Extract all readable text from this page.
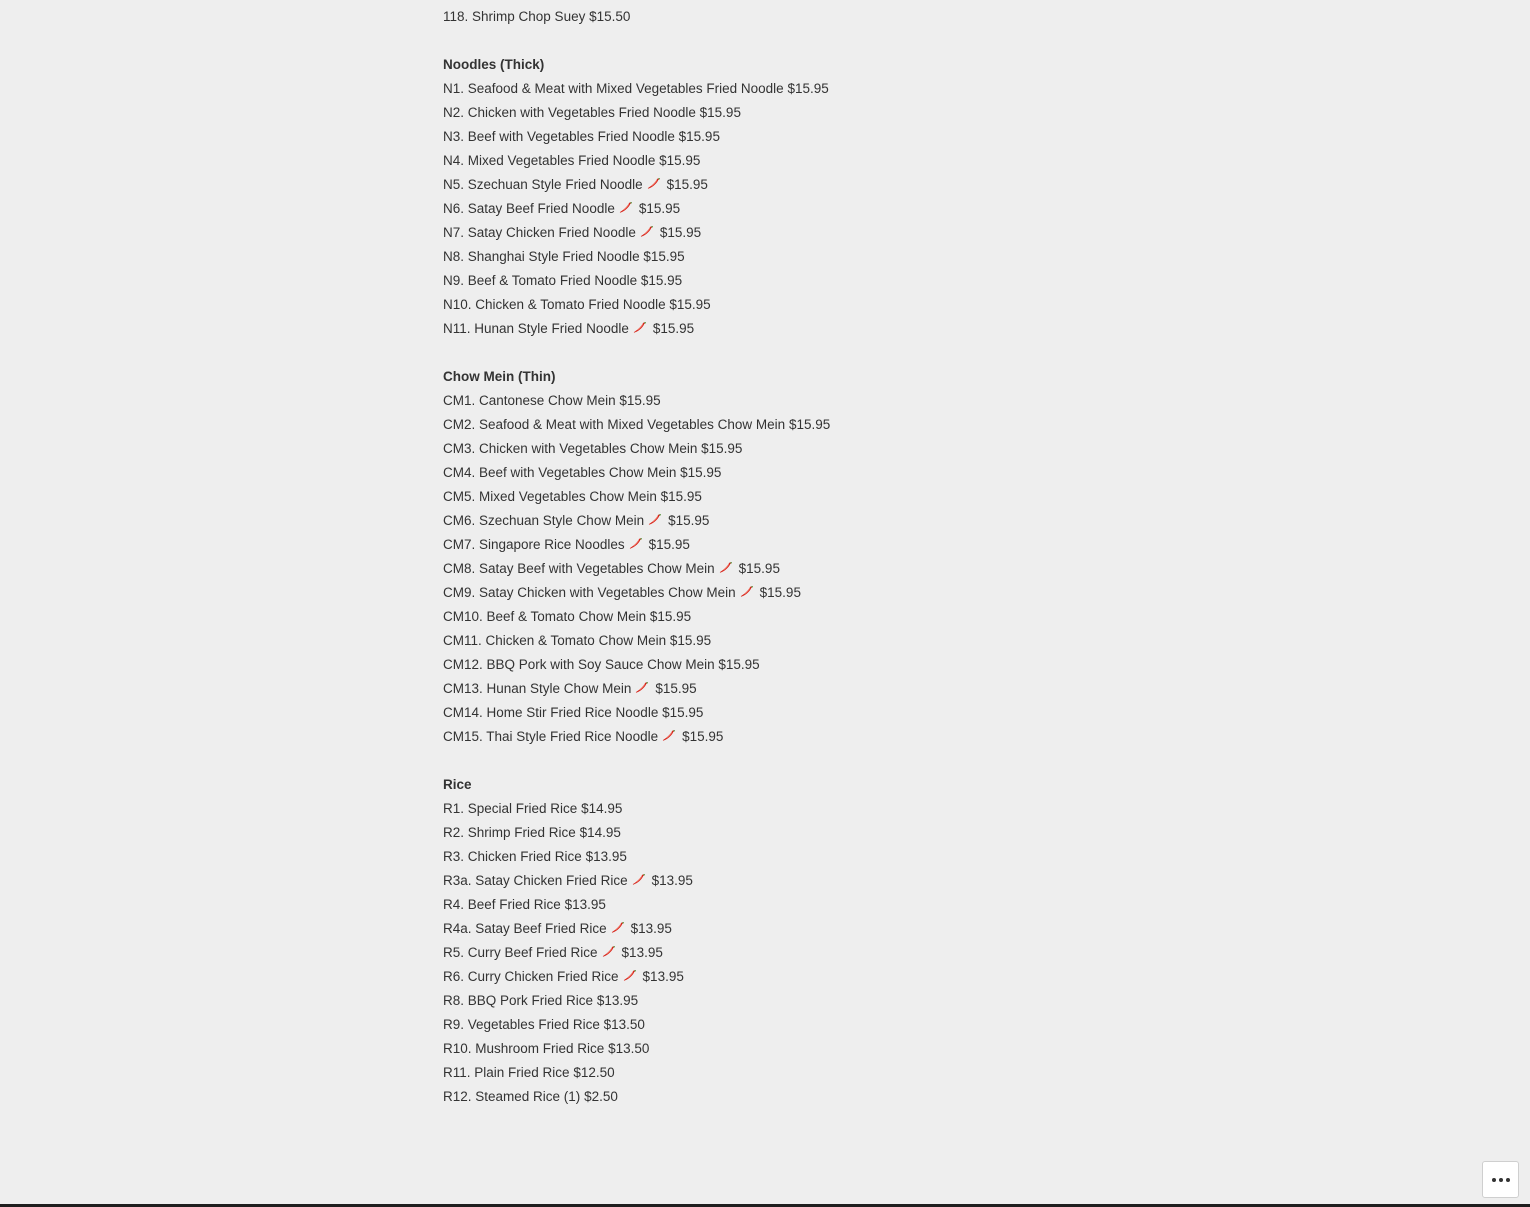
118. Shrimp Chop Suey $15.50
Noodles (Thick)
N1. Seafood & Meat with Mixed Vegetables Fried Noodle $15.95
N2. Chicken with Vegetables Fried Noodle $15.95
N3. Beef with Vegetables Fried Noodle $15.95
N4. Mixed Vegetables Fried Noodle $15.95
N5. Szechuan Style Fried Noodle $15.95
N6. Satay Beef Fried Noodle $15.95
N7. Satay Chicken Fried Noodle $15.95
N8. Shanghai Style Fried Noodle $15.95
N9. Beef & Tomato Fried Noodle $15.95
N10. Chicken & Tomato Fried Noodle $15.95
N11. Hunan Style Fried Noodle $15.95
Chow Mein (Thin)
CM1. Cantonese Chow Mein $15.95
CM2. Seafood & Meat with Mixed Vegetables Chow Mein $15.95
CM3. Chicken with Vegetables Chow Mein $15.95
CM4. Beef with Vegetables Chow Mein $15.95
CM5. Mixed Vegetables Chow Mein $15.95
CM6. Szechuan Style Chow Mein $15.95
CM7. Singapore Rice Noodles $15.95
CM8. Satay Beef with Vegetables Chow Mein $15.95
CM9. Satay Chicken with Vegetables Chow Mein $15.95
CM10. Beef & Tomato Chow Mein $15.95
CM11. Chicken & Tomato Chow Mein $15.95
CM12. BBQ Pork with Soy Sauce Chow Mein $15.95
CM13. Hunan Style Chow Mein $15.95
CM14. Home Stir Fried Rice Noodle $15.95
CM15. Thai Style Fried Rice Noodle $15.95
Rice
R1. Special Fried Rice $14.95
R2. Shrimp Fried Rice $14.95
R3. Chicken Fried Rice $13.95
R3a. Satay Chicken Fried Rice $13.95
R4. Beef Fried Rice $13.95
R4a. Satay Beef Fried Rice $13.95
R5. Curry Beef Fried Rice $13.95
R6. Curry Chicken Fried Rice $13.95
R8. BBQ Pork Fried Rice $13.95
R9. Vegetables Fried Rice $13.50
R10. Mushroom Fried Rice $13.50
R11. Plain Fried Rice $12.50
R12. Steamed Rice (1) $2.50
